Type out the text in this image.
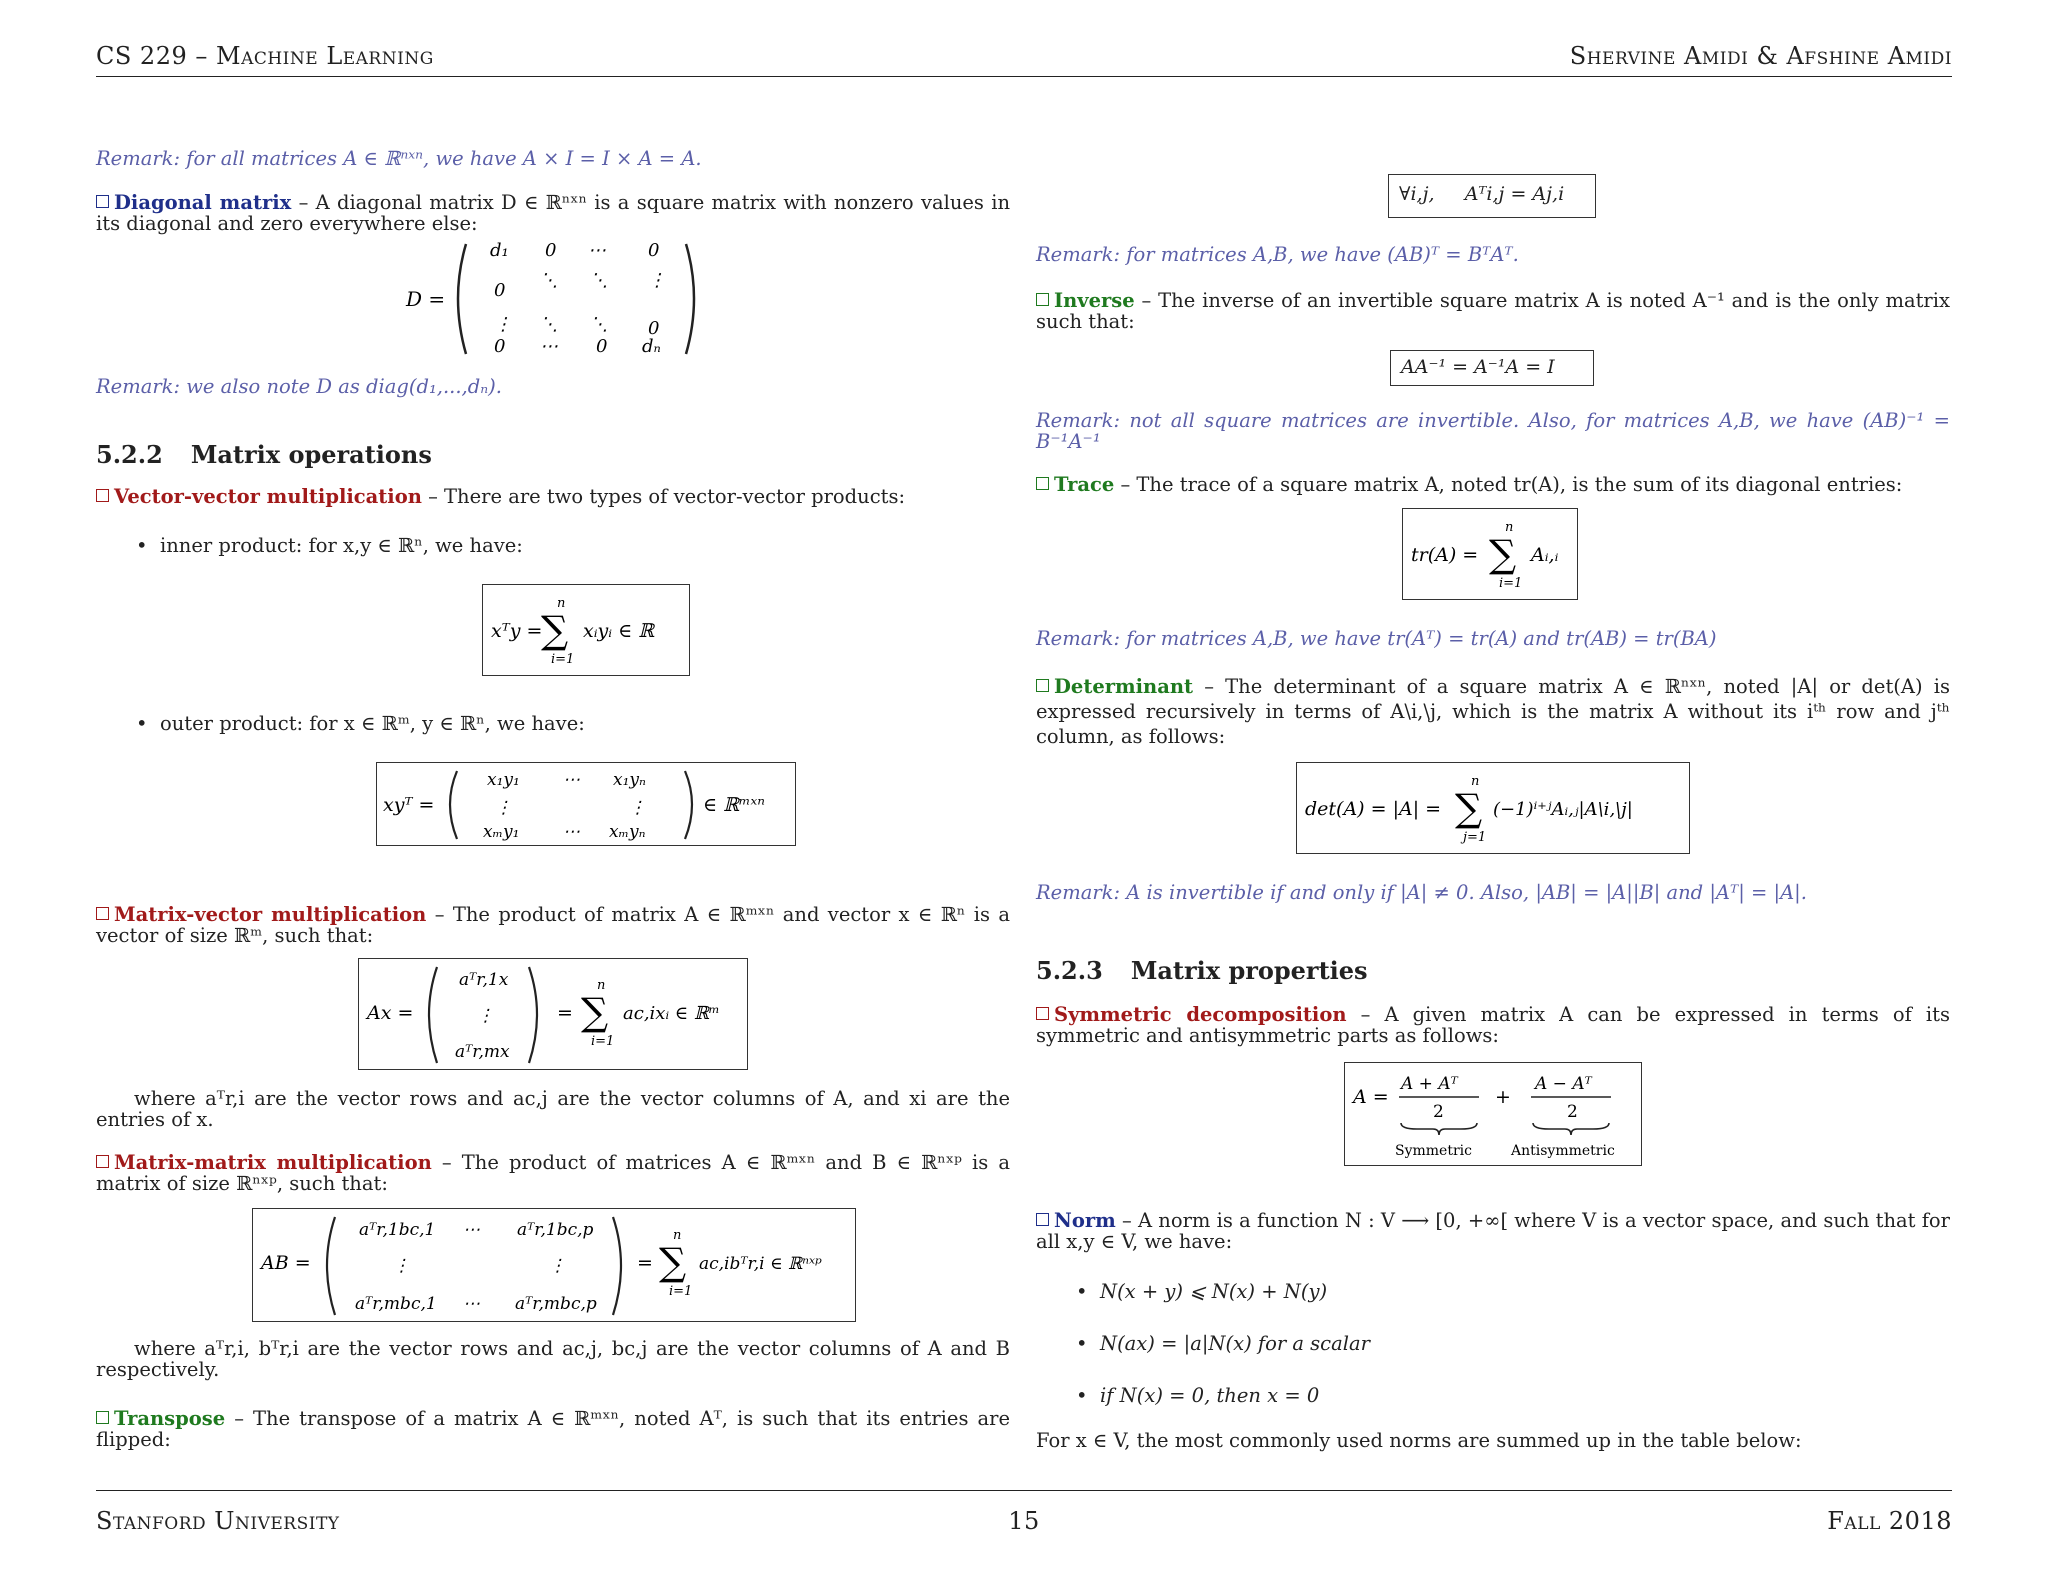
CS 229 – Machine Learning	Shervine Amidi & Afshine Amidi
Remark: for all matrices A ∈ ℝⁿˣⁿ, we have A × I = I × A = A.
Diagonal matrix – A diagonal matrix D ∈ ℝⁿˣⁿ is a square matrix with nonzero values in its diagonal and zero everywhere else:
D =
d₁ 0 ⋯ 0
0 ⋱ ⋱ ⋮
⋮ ⋱ ⋱ 0
0 ⋯ 0 dₙ
Remark: we also note D as diag(d₁,...,dₙ).
5.2.2 Matrix operations
Vector-vector multiplication – There are two types of vector-vector products:
• inner product: for x,y ∈ ℝⁿ, we have:
xᵀy =
n
∑
i=1
xᵢyᵢ ∈ ℝ
• outer product: for x ∈ ℝᵐ, y ∈ ℝⁿ, we have:
xyᵀ =
x₁y₁	⋯ x₁yₙ
⋮	⋮
xₘy₁	⋯ xₘyₙ
∈ ℝᵐˣⁿ
Matrix-vector multiplication – The product of matrix A ∈ ℝᵐˣⁿ and vector x ∈ ℝⁿ is a vector of size ℝᵐ, such that:
Ax =
aᵀr,1x
⋮
aᵀr,mx
=
n
∑
i=1
ac,ixᵢ ∈ ℝᵐ
where aᵀr,i are the vector rows and ac,j are the vector columns of A, and xi are the entries of x.
Matrix-matrix multiplication – The product of matrices A ∈ ℝᵐˣⁿ and B ∈ ℝⁿˣᵖ is a matrix of size ℝⁿˣᵖ, such that:
AB =
aᵀr,1bc,1 ⋯ aᵀr,1bc,p
⋮	⋮
aᵀr,mbc,1 ⋯ aᵀr,mbc,p
=
n
∑
i=1
ac,ibᵀr,i ∈ ℝⁿˣᵖ
where aᵀr,i, bᵀr,i are the vector rows and ac,j, bc,j are the vector columns of A and B respectively.
Transpose – The transpose of a matrix A ∈ ℝᵐˣⁿ, noted Aᵀ, is such that its entries are flipped:
∀i,j,     Aᵀi,j = Aj,i
Remark: for matrices A,B, we have (AB)ᵀ = BᵀAᵀ.
Inverse – The inverse of an invertible square matrix A is noted A⁻¹ and is the only matrix such that:
AA⁻¹ = A⁻¹A = I
Remark: not all square matrices are invertible. Also, for matrices A,B, we have (AB)⁻¹ = B⁻¹A⁻¹
Trace – The trace of a square matrix A, noted tr(A), is the sum of its diagonal entries:
tr(A) =
n
∑
i=1
Aᵢ,ᵢ
Remark: for matrices A,B, we have tr(Aᵀ) = tr(A) and tr(AB) = tr(BA)
Determinant – The determinant of a square matrix A ∈ ℝⁿˣⁿ, noted |A| or det(A) is expressed recursively in terms of A\i,\j, which is the matrix A without its iᵗʰ row and jᵗʰ column, as follows:
det(A) = |A| =
n
∑
j=1
(−1)ⁱ⁺ʲAᵢ,ⱼ|A\i,\j|
Remark: A is invertible if and only if |A| ≠ 0. Also, |AB| = |A||B| and |Aᵀ| = |A|.
5.2.3 Matrix properties
Symmetric decomposition – A given matrix A can be expressed in terms of its symmetric and antisymmetric parts as follows:
A =
A + Aᵀ
2
+
A − Aᵀ
2
Symmetric	Antisymmetric
Norm – A norm is a function N : V ⟶ [0, +∞[ where V is a vector space, and such that for all x,y ∈ V, we have:
• N(x + y) ⩽ N(x) + N(y)
• N(ax) = |a|N(x) for a scalar
• if N(x) = 0, then x = 0
For x ∈ V, the most commonly used norms are summed up in the table below:
Stanford University	15	Fall 2018
